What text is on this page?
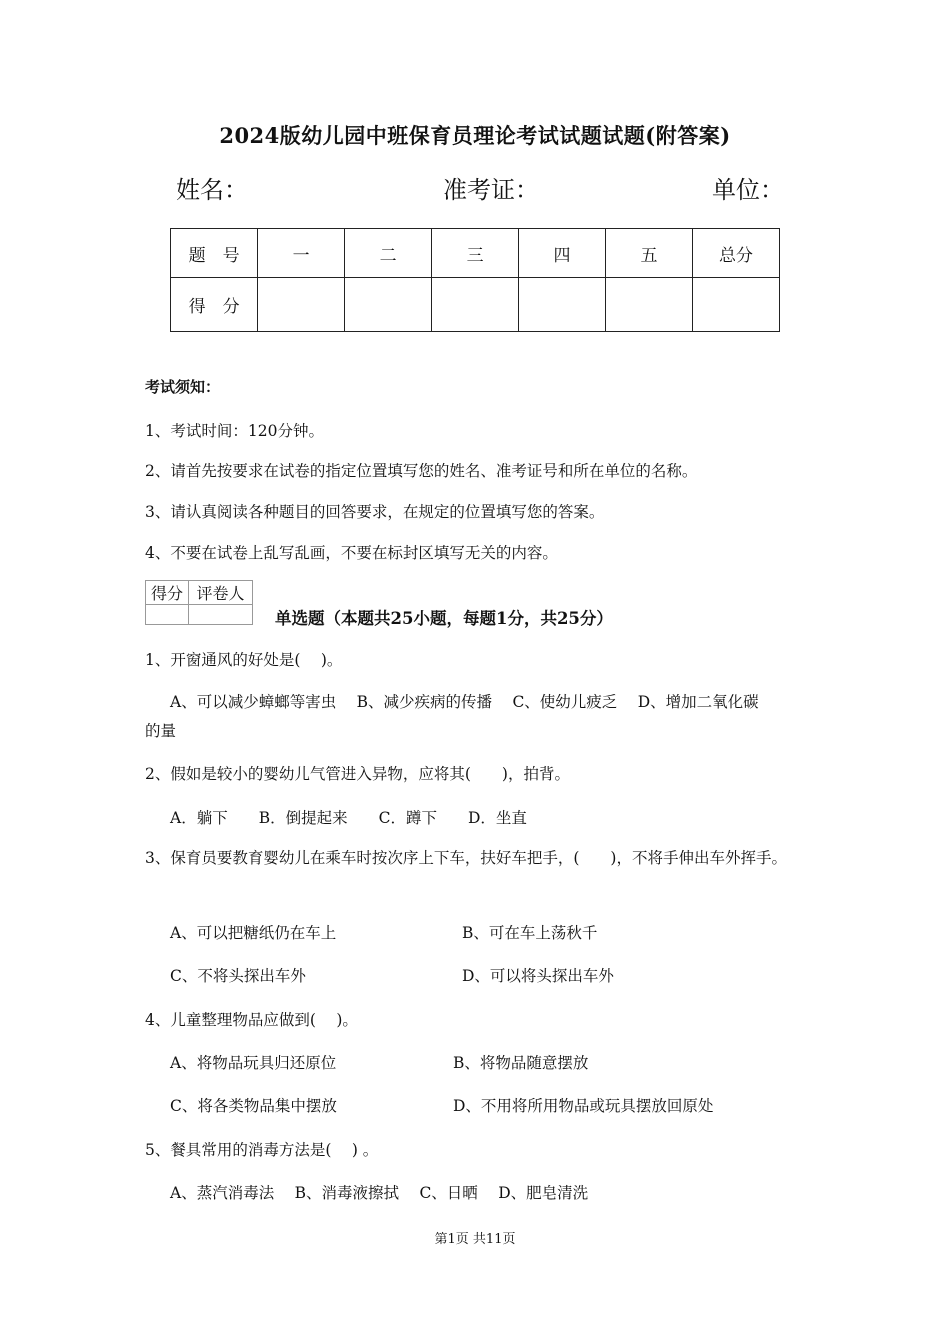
2024版幼儿园中班保育员理论考试试题试题(附答案)
姓名：	准考证：	单位：
题　号	一	二	三	四	五	总分
得　分						
考试须知：
1、考试时间：120分钟。
2、请首先按要求在试卷的指定位置填写您的姓名、准考证号和所在单位的名称。
3、请认真阅读各种题目的回答要求，在规定的位置填写您的答案。
4、不要在试卷上乱写乱画，不要在标封区填写无关的内容。
得分	评卷人

单选题（本题共25小题，每题1分，共25分）
1、开窗通风的好处是(　 )。
A、可以减少蟑螂等害虫　 B、减少疾病的传播　 C、使幼儿疲乏　 D、增加二氧化碳
的量
2、假如是较小的婴幼儿气管进入异物，应将其(　　)，拍背。
A．躺下　　B．倒提起来　　C．蹲下　　D．坐直
3、保育员要教育婴幼儿在乘车时按次序上下车，扶好车把手，(　　)，不将手伸出车外挥手。
A、可以把糖纸仍在车上	B、可在车上荡秋千
C、不将头探出车外	D、可以将头探出车外
4、儿童整理物品应做到(　 )。
A、将物品玩具归还原位	B、将物品随意摆放
C、将各类物品集中摆放	D、不用将所用物品或玩具摆放回原处
5、餐具常用的消毒方法是(　 ) 。
A、蒸汽消毒法　 B、消毒液擦拭　 C、日晒　 D、肥皂清洗
第1页 共11页
